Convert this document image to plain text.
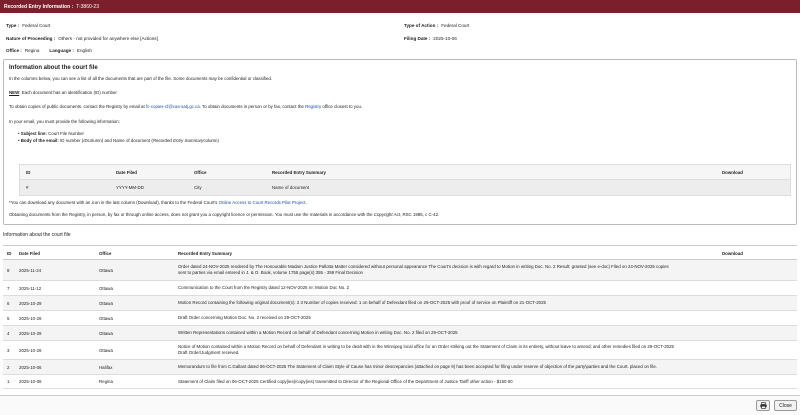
Recorded Entry Information : T-3860-23
Type : Federal Court	Type of Action : Federal Court
Nature of Proceeding : Others - not provided for anywhere else [Actions]	Filing Date : 2025-10-06
Office : Regina Language : English
Information about the court file
In the columns below, you can see a list of all the documents that are part of the file. Some documents may be confidential or classified.
NEW: Each document has an identification (ID) number
To obtain copies of public documents, contact the Registry by email at fc-copies-cf@cas-satj.gc.ca. To obtain documents in person or by fax, contact the Registry office closest to you.
In your email, you must provide the following information:
• Subject line: Court File Number
• Body of the email: ID number (IDcolumn) and Name of document (Recorded Entry Summarycolumn)
ID	Date Filed	Office	Recorded Entry Summary	Download
#	YYYY-MM-DD	City	Name of document
*You can download any document with an icon in the last column (Download), thanks to the Federal Court's Online Access to Court Records Pilot Project.
Obtaining documents from the Registry, in person, by fax or through online access, does not grant you a copyright licence or permission. You must use the materials in accordance with the Copyright Act, RSC 1985, c C-42.
Information about the court file
ID Date Filed	Office	Recorded Entry Summary	Download
8 2025-11-24	Ottawa
Order dated 24-NOV-2025 rendered by The Honourable Madam Justice Pallotta Matter considered without personal appearance The Court's decision is with regard to Motion in writing Doc. No. 2 Result: granted (see e-doc) Filed on 24-NOV-2025 copies
sent to parties via email entered in J. & O. Book, volume 1755 page(s) 355 - 359 Final Decision
7 2025-11-12	Ottawa	Communication to the Court from the Registry dated 12-NOV-2025 re: Motion Doc No. 2
6 2025-10-29	Ottawa	Motion Record containing the following original document(s): 2 3 Number of copies received: 1 on behalf of Defendant filed on 29-OCT-2025 with proof of service on Plaintiff on 21-OCT-2025
5 2025-10-29	Ottawa	Draft Order concerning Motion Doc. No. 2 received on 29-OCT-2025
4 2025-10-29	Ottawa	Written Representations contained within a Motion Record on behalf of Defendant concerning Motion in writing Doc. No. 2 filed on 29-OCT-2025
3 2025-10-29	Ottawa
Notice of Motion contained within a Motion Record on behalf of Defendant in writing to be dealt with in the Winnipeg local office for an Order striking out the Statement of Claim in its entirety, without leave to amend; and other remedies filed on 29-OCT-2025
Draft Order\Judgment received.
2 2025-10-06	Halifax	Memorandum to file from C.Gallant dated 06-OCT-2025 The Statement of Claim Style of Cause has minor descrepancies (attached on page 9) has been accepted for filing under reserve of objection of the party\parties and the Court. placed on file.
1 2025-10-06	Regina	Statement of Claim filed on 06-OCT-2025 Certified copy(ies)/copy(ies) transmitted to Director of the Regional Office of the Department of Justice Tariff other action - $150.00
Close
